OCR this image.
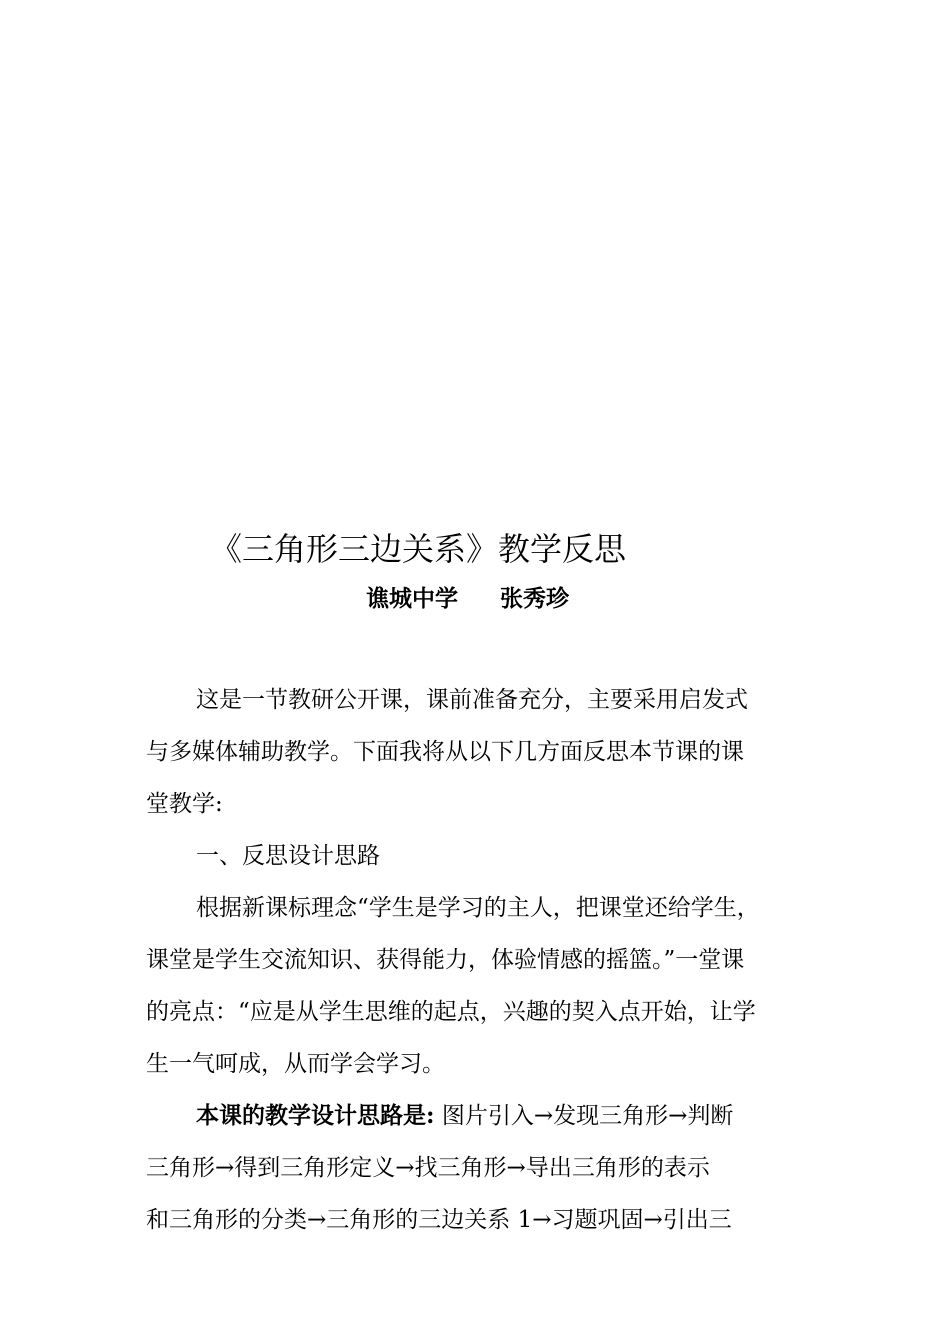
《三角形三边关系》教学反思
谯城中学 张秀珍
这是一节教研公开课，课前准备充分，主要采用启发式
与多媒体辅助教学。下面我将从以下几方面反思本节课的课
堂教学:
一、反思设计思路
根据新课标理念“学生是学习的主人，把课堂还给学生，
课堂是学生交流知识、获得能力，体验情感的摇篮。”一堂课
的亮点：“应是从学生思维的起点，兴趣的契入点开始，让学
生一气呵成，从而学会学习。
本课的教学设计思路是: 图片引入→发现三角形→判断
三角形→得到三角形定义→找三角形→导出三角形的表示
和三角形的分类→三角形的三边关系 1→习题巩固→引出三
